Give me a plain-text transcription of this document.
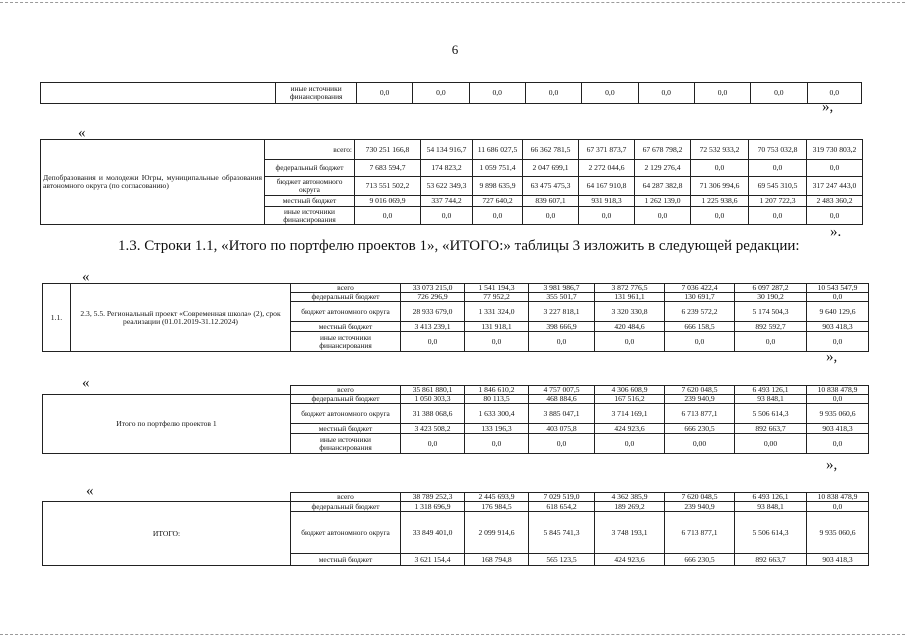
6
	иные источники финансирования	0,0	0,0	0,0	0,0	0,0	0,0	0,0	0,0	0,0
»,
«
Депобразования и молодежи Югры, муниципальные образования автономного округа (по согласованию)	всего:	730 251 166,8	54 134 916,7	11 686 027,5	66 362 781,5	67 371 873,7	67 678 798,2	72 532 933,2	70 753 032,8	319 730 803,2
	федеральный бюджет	7 683 594,7	174 823,2	1 059 751,4	2 047 699,1	2 272 044,6	2 129 276,4	0,0	0,0	0,0
	бюджет автономного округа	713 551 502,2	53 622 349,3	9 898 635,9	63 475 475,3	64 167 910,8	64 287 382,8	71 306 994,6	69 545 310,5	317 247 443,0
	местный бюджет	9 016 069,9	337 744,2	727 640,2	839 607,1	931 918,3	1 262 139,0	1 225 938,6	1 207 722,3	2 483 360,2
	иные источники финансирования	0,0	0,0	0,0	0,0	0,0	0,0	0,0	0,0	0,0
».
1.3. Строки 1.1, «Итого по портфелю проектов 1», «ИТОГО:» таблицы 3 изложить в следующей редакции:
«
1.1.	2.3, 5.5. Региональный проект «Современная школа» (2), срок реализации (01.01.2019-31.12.2024)	всего	33 073 215,0	1 541 194,3	3 981 986,7	3 872 776,5	7 036 422,4	6 097 287,2	10 543 547,9
		федеральный бюджет	726 296,9	77 952,2	355 501,7	131 961,1	130 691,7	30 190,2	0,0
		бюджет автономного округа	28 933 679,0	1 331 324,0	3 227 818,1	3 320 330,8	6 239 572,2	5 174 504,3	9 640 129,6
		местный бюджет	3 413 239,1	131 918,1	398 666,9	420 484,6	666 158,5	892 592,7	903 418,3
		иные источники финансирования	0,0	0,0	0,0	0,0	0,0	0,0	0,0
»,
«
		всего	35 861 880,1	1 846 610,2	4 757 007,5	4 306 608,9	7 620 048,5	6 493 126,1	10 838 478,9
Итого по портфелю проектов 1	федеральный бюджет	1 050 303,3	80 113,5	468 884,6	167 516,2	239 940,9	93 848,1	0,0
	бюджет автономного округа	31 388 068,6	1 633 300,4	3 885 047,1	3 714 169,1	6 713 877,1	5 506 614,3	9 935 060,6
	местный бюджет	3 423 508,2	133 196,3	403 075,8	424 923,6	666 230,5	892 663,7	903 418,3
	иные источники финансирования	0,0	0,0	0,0	0,0	0,00	0,00	0,0
»,
«
		всего	38 789 252,3	2 445 693,9	7 029 519,0	4 362 385,9	7 620 048,5	6 493 126,1	10 838 478,9
ИТОГО:	федеральный бюджет	1 318 696,9	176 984,5	618 654,2	189 269,2	239 940,9	93 848,1	0,0
	бюджет автономного округа	33 849 401,0	2 099 914,6	5 845 741,3	3 748 193,1	6 713 877,1	5 506 614,3	9 935 060,6
	местный бюджет	3 621 154,4	168 794,8	565 123,5	424 923,6	666 230,5	892 663,7	903 418,3
